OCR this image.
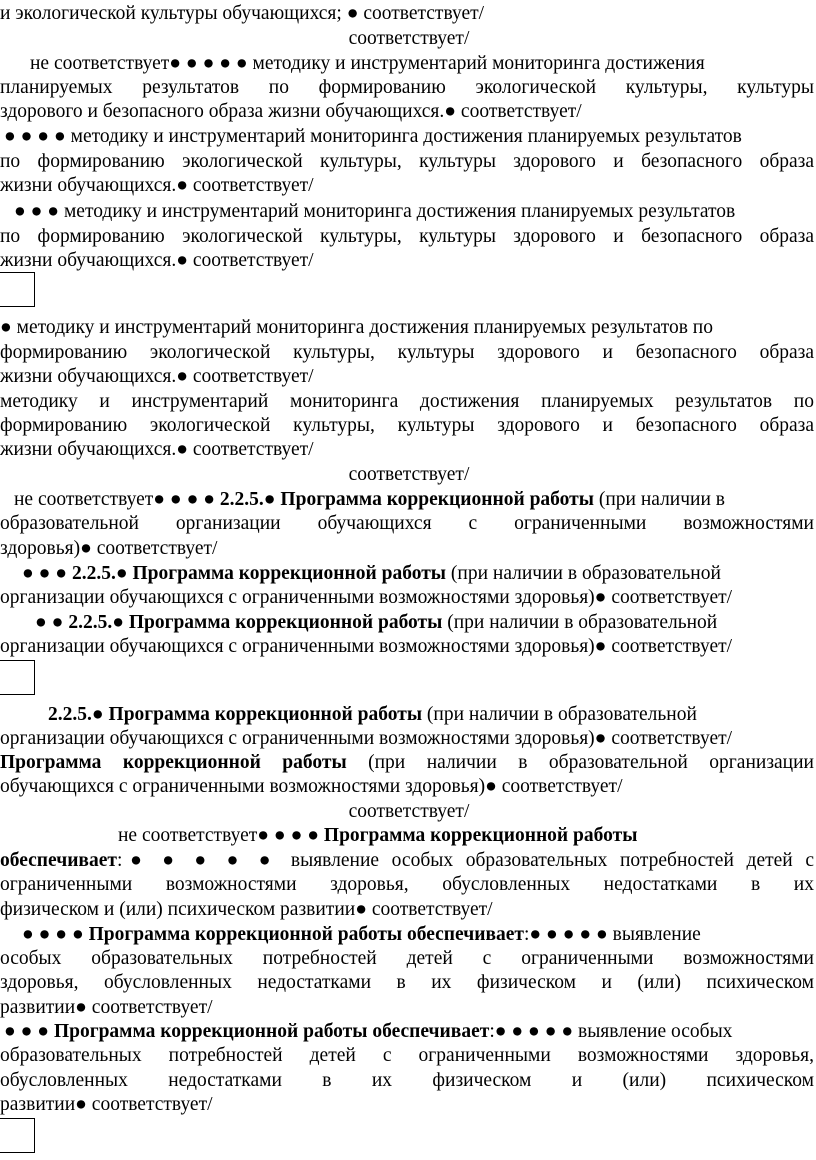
и экологической культуры обучающихся; ● соответствует/
соответствует/
не соответствует● ● ● ● ● методику и инструментарий мониторинга достижения
планируемых результатов по формированию экологической культуры, культуры
здорового и безопасного образа жизни обучающихся.● соответствует/
● ● ● ● методику и инструментарий мониторинга достижения планируемых результатов
по формированию экологической культуры, культуры здорового и безопасного образа
жизни обучающихся.● соответствует/
● ● ● методику и инструментарий мониторинга достижения планируемых результатов
по формированию экологической культуры, культуры здорового и безопасного образа
жизни обучающихся.● соответствует/
● методику и инструментарий мониторинга достижения планируемых результатов по
формированию экологической культуры, культуры здорового и безопасного образа
жизни обучающихся.● соответствует/
методику и инструментарий мониторинга достижения планируемых результатов по
формированию экологической культуры, культуры здорового и безопасного образа
жизни обучающихся.● соответствует/
соответствует/
не соответствует● ● ● ● 2.2.5.● Программа коррекционной работы (при наличии в
образовательной организации обучающихся с ограниченными возможностями
здоровья)● соответствует/
● ● ● 2.2.5.● Программа коррекционной работы (при наличии в образовательной
организации обучающихся с ограниченными возможностями здоровья)● соответствует/
● ● 2.2.5.● Программа коррекционной работы (при наличии в образовательной
организации обучающихся с ограниченными возможностями здоровья)● соответствует/
2.2.5.● Программа коррекционной работы (при наличии в образовательной
организации обучающихся с ограниченными возможностями здоровья)● соответствует/
Программа коррекционной работы (при наличии в образовательной организации
обучающихся с ограниченными возможностями здоровья)● соответствует/
соответствует/
не соответствует● ● ● ● Программа коррекционной работы
обеспечивает:● ● ● ● ● выявление особых образовательных потребностей детей с
ограниченными возможностями здоровья, обусловленных недостатками в их
физическом и (или) психическом развитии● соответствует/
● ● ● ● Программа коррекционной работы обеспечивает:● ● ● ● ● выявление
особых образовательных потребностей детей с ограниченными возможностями
здоровья, обусловленных недостатками в их физическом и (или) психическом
развитии● соответствует/
● ● ● Программа коррекционной работы обеспечивает:● ● ● ● ● выявление особых
образовательных потребностей детей с ограниченными возможностями здоровья,
обусловленных недостатками в их физическом и (или) психическом
развитии● соответствует/
